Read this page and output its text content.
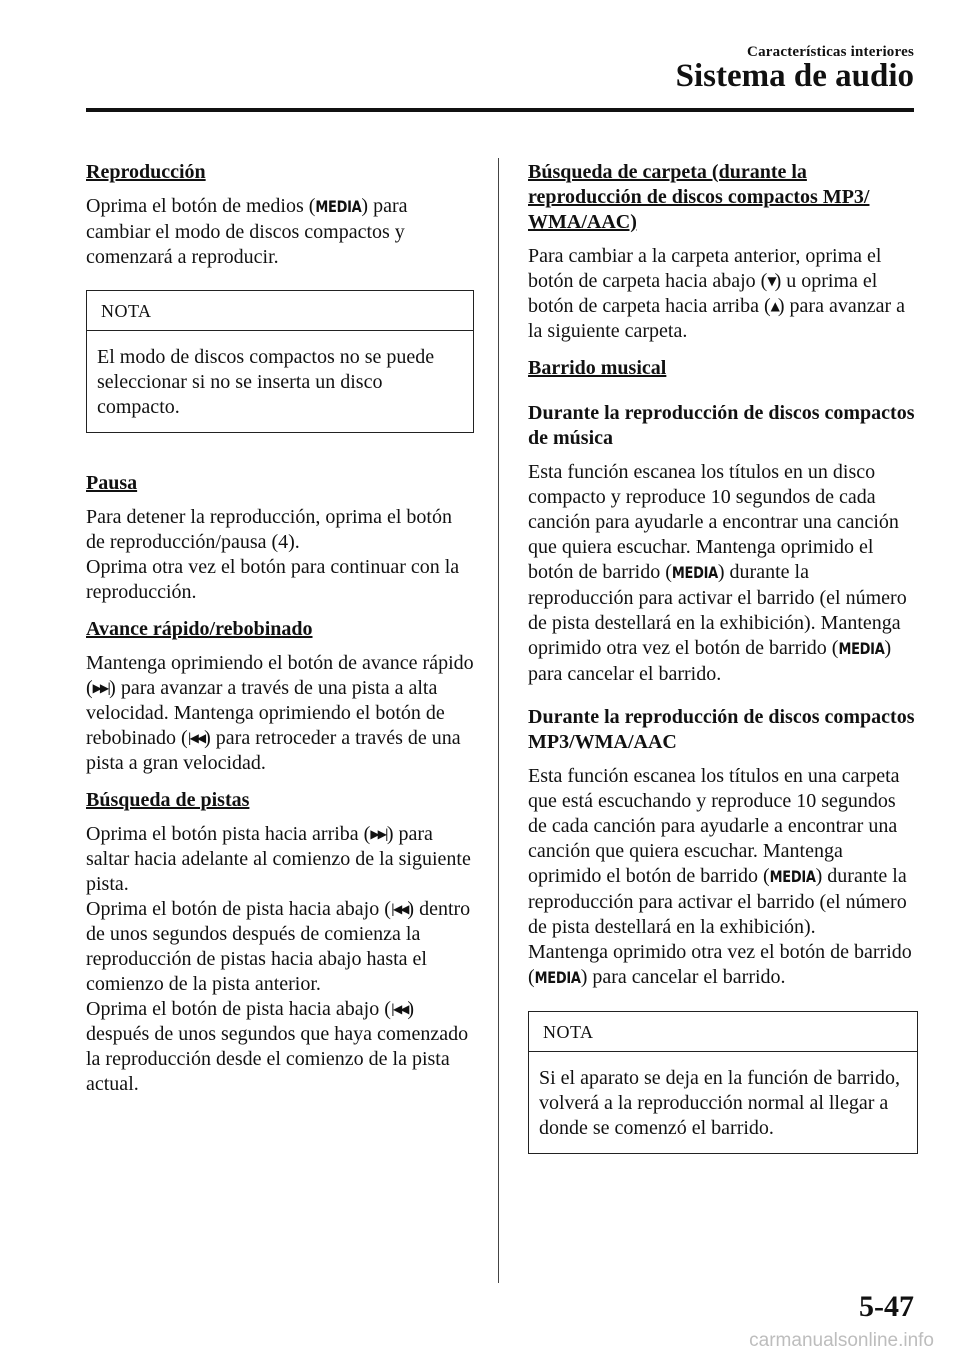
Características interiores
Sistema de audio
Reproducción
Oprima el botón de medios (MEDIA) para cambiar el modo de discos compactos y comenzará a reproducir.
NOTA
El modo de discos compactos no se puede seleccionar si no se inserta un disco compacto.
Pausa
Para detener la reproducción, oprima el botón de reproducción/pausa (4).
Oprima otra vez el botón para continuar con la reproducción.
Avance rápido/rebobinado
Mantenga oprimiendo el botón de avance rápido (▶▶|) para avanzar a través de una pista a alta velocidad. Mantenga oprimiendo el botón de rebobinado (|◀◀) para retroceder a través de una pista a gran velocidad.
Búsqueda de pistas
Oprima el botón pista hacia arriba (▶▶|) para saltar hacia adelante al comienzo de la siguiente pista.
Oprima el botón de pista hacia abajo (|◀◀) dentro de unos segundos después de comienza la reproducción de pistas hacia abajo hasta el comienzo de la pista anterior.
Oprima el botón de pista hacia abajo (|◀◀) después de unos segundos que haya comenzado la reproducción desde el comienzo de la pista actual.
Búsqueda de carpeta (durante la reproducción de discos compactos MP3/ WMA/AAC)
Para cambiar a la carpeta anterior, oprima el botón de carpeta hacia abajo (▼) u oprima el botón de carpeta hacia arriba (▲) para avanzar a la siguiente carpeta.
Barrido musical
Durante la reproducción de discos compactos de música
Esta función escanea los títulos en un disco compacto y reproduce 10 segundos de cada canción para ayudarle a encontrar una canción que quiera escuchar. Mantenga oprimido el botón de barrido (MEDIA) durante la reproducción para activar el barrido (el número de pista destellará en la exhibición). Mantenga oprimido otra vez el botón de barrido (MEDIA) para cancelar el barrido.
Durante la reproducción de discos compactos MP3/WMA/AAC
Esta función escanea los títulos en una carpeta que está escuchando y reproduce 10 segundos de cada canción para ayudarle a encontrar una canción que quiera escuchar. Mantenga oprimido el botón de barrido (MEDIA) durante la reproducción para activar el barrido (el número de pista destellará en la exhibición).
Mantenga oprimido otra vez el botón de barrido (MEDIA) para cancelar el barrido.
NOTA
Si el aparato se deja en la función de barrido, volverá a la reproducción normal al llegar a donde se comenzó el barrido.
5-47
carmanualsonline.info
